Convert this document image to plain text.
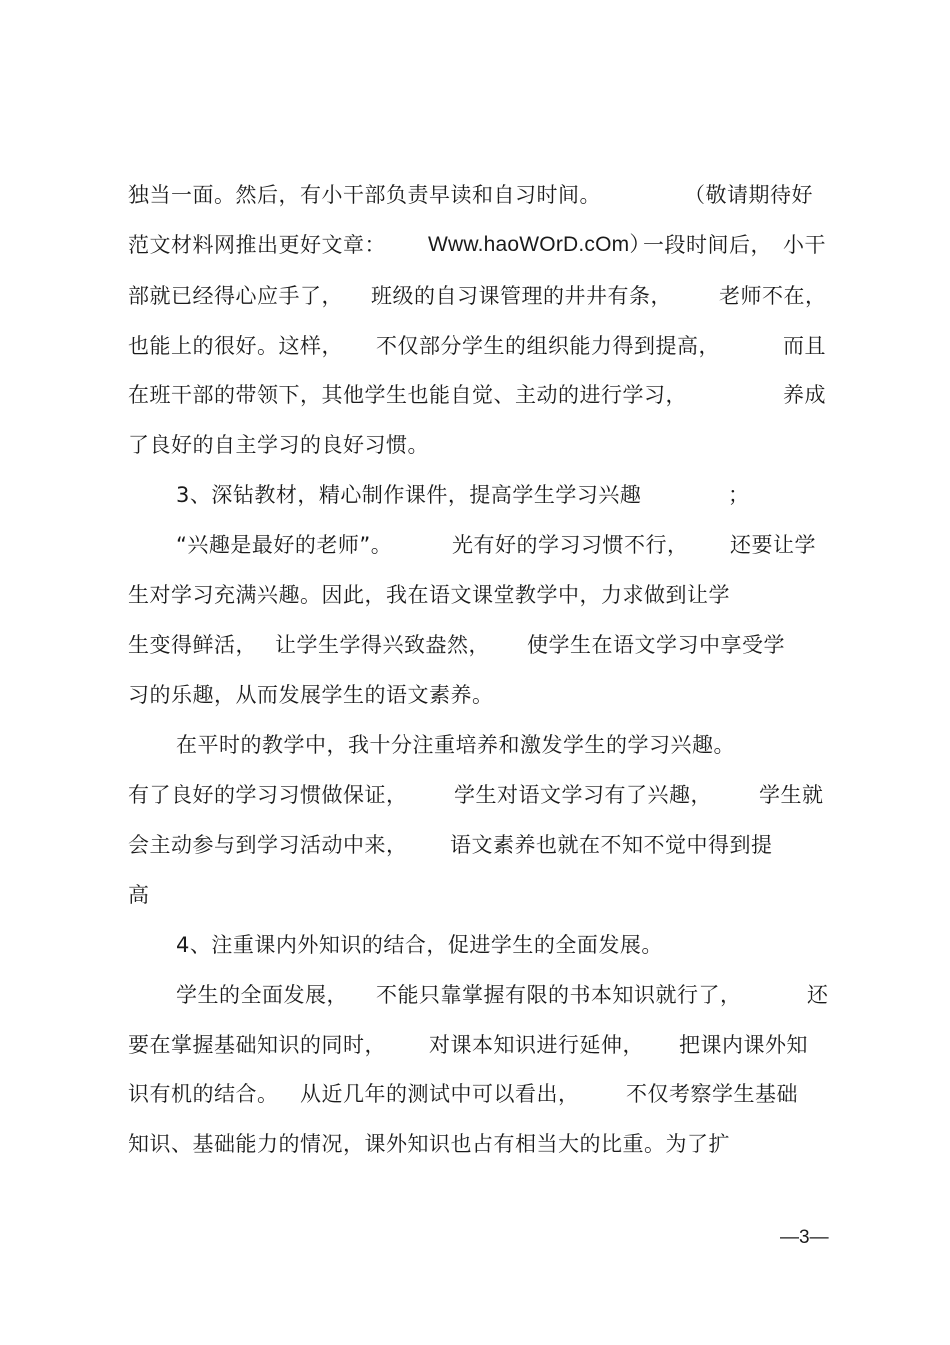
独当一面。然后，有小干部负责早读和自习时间。	（敬请期待好
范文材料网推出更好文章： Www.haoWOrD.cOm）
一段时间后， 小干
部就已经得心应手了， 班级的自习课管理的井井有条， 老师不在，
也能上的很好。这样， 不仅部分学生的组织能力得到提高，	而且
在班干部的带领下，其他学生也能自觉、主动的进行学习，	养成
了良好的自主学习的良好习惯。
3、深钻教材，精心制作课件，提高学生学习兴趣	；
“兴趣是最好的老师”。	光有好的学习习惯不行， 还要让学
生对学习充满兴趣。因此，我在语文课堂教学中，力求做到让学
生变得鲜活， 让学生学得兴致盎然， 使学生在语文学习中享受学
习的乐趣，从而发展学生的语文素养。
在平时的教学中，我十分注重培养和激发学生的学习兴趣。
有了良好的学习习惯做保证， 学生对语文学习有了兴趣， 学生就
会主动参与到学习活动中来， 语文素养也就在不知不觉中得到提
高
4、注重课内外知识的结合，促进学生的全面发展。
学生的全面发展， 不能只靠掌握有限的书本知识就行了，	还
要在掌握基础知识的同时， 对课本知识进行延伸， 把课内课外知
识有机的结合。 从近几年的测试中可以看出， 不仅考察学生基础
知识、基础能力的情况，课外知识也占有相当大的比重。为了扩
—3—
